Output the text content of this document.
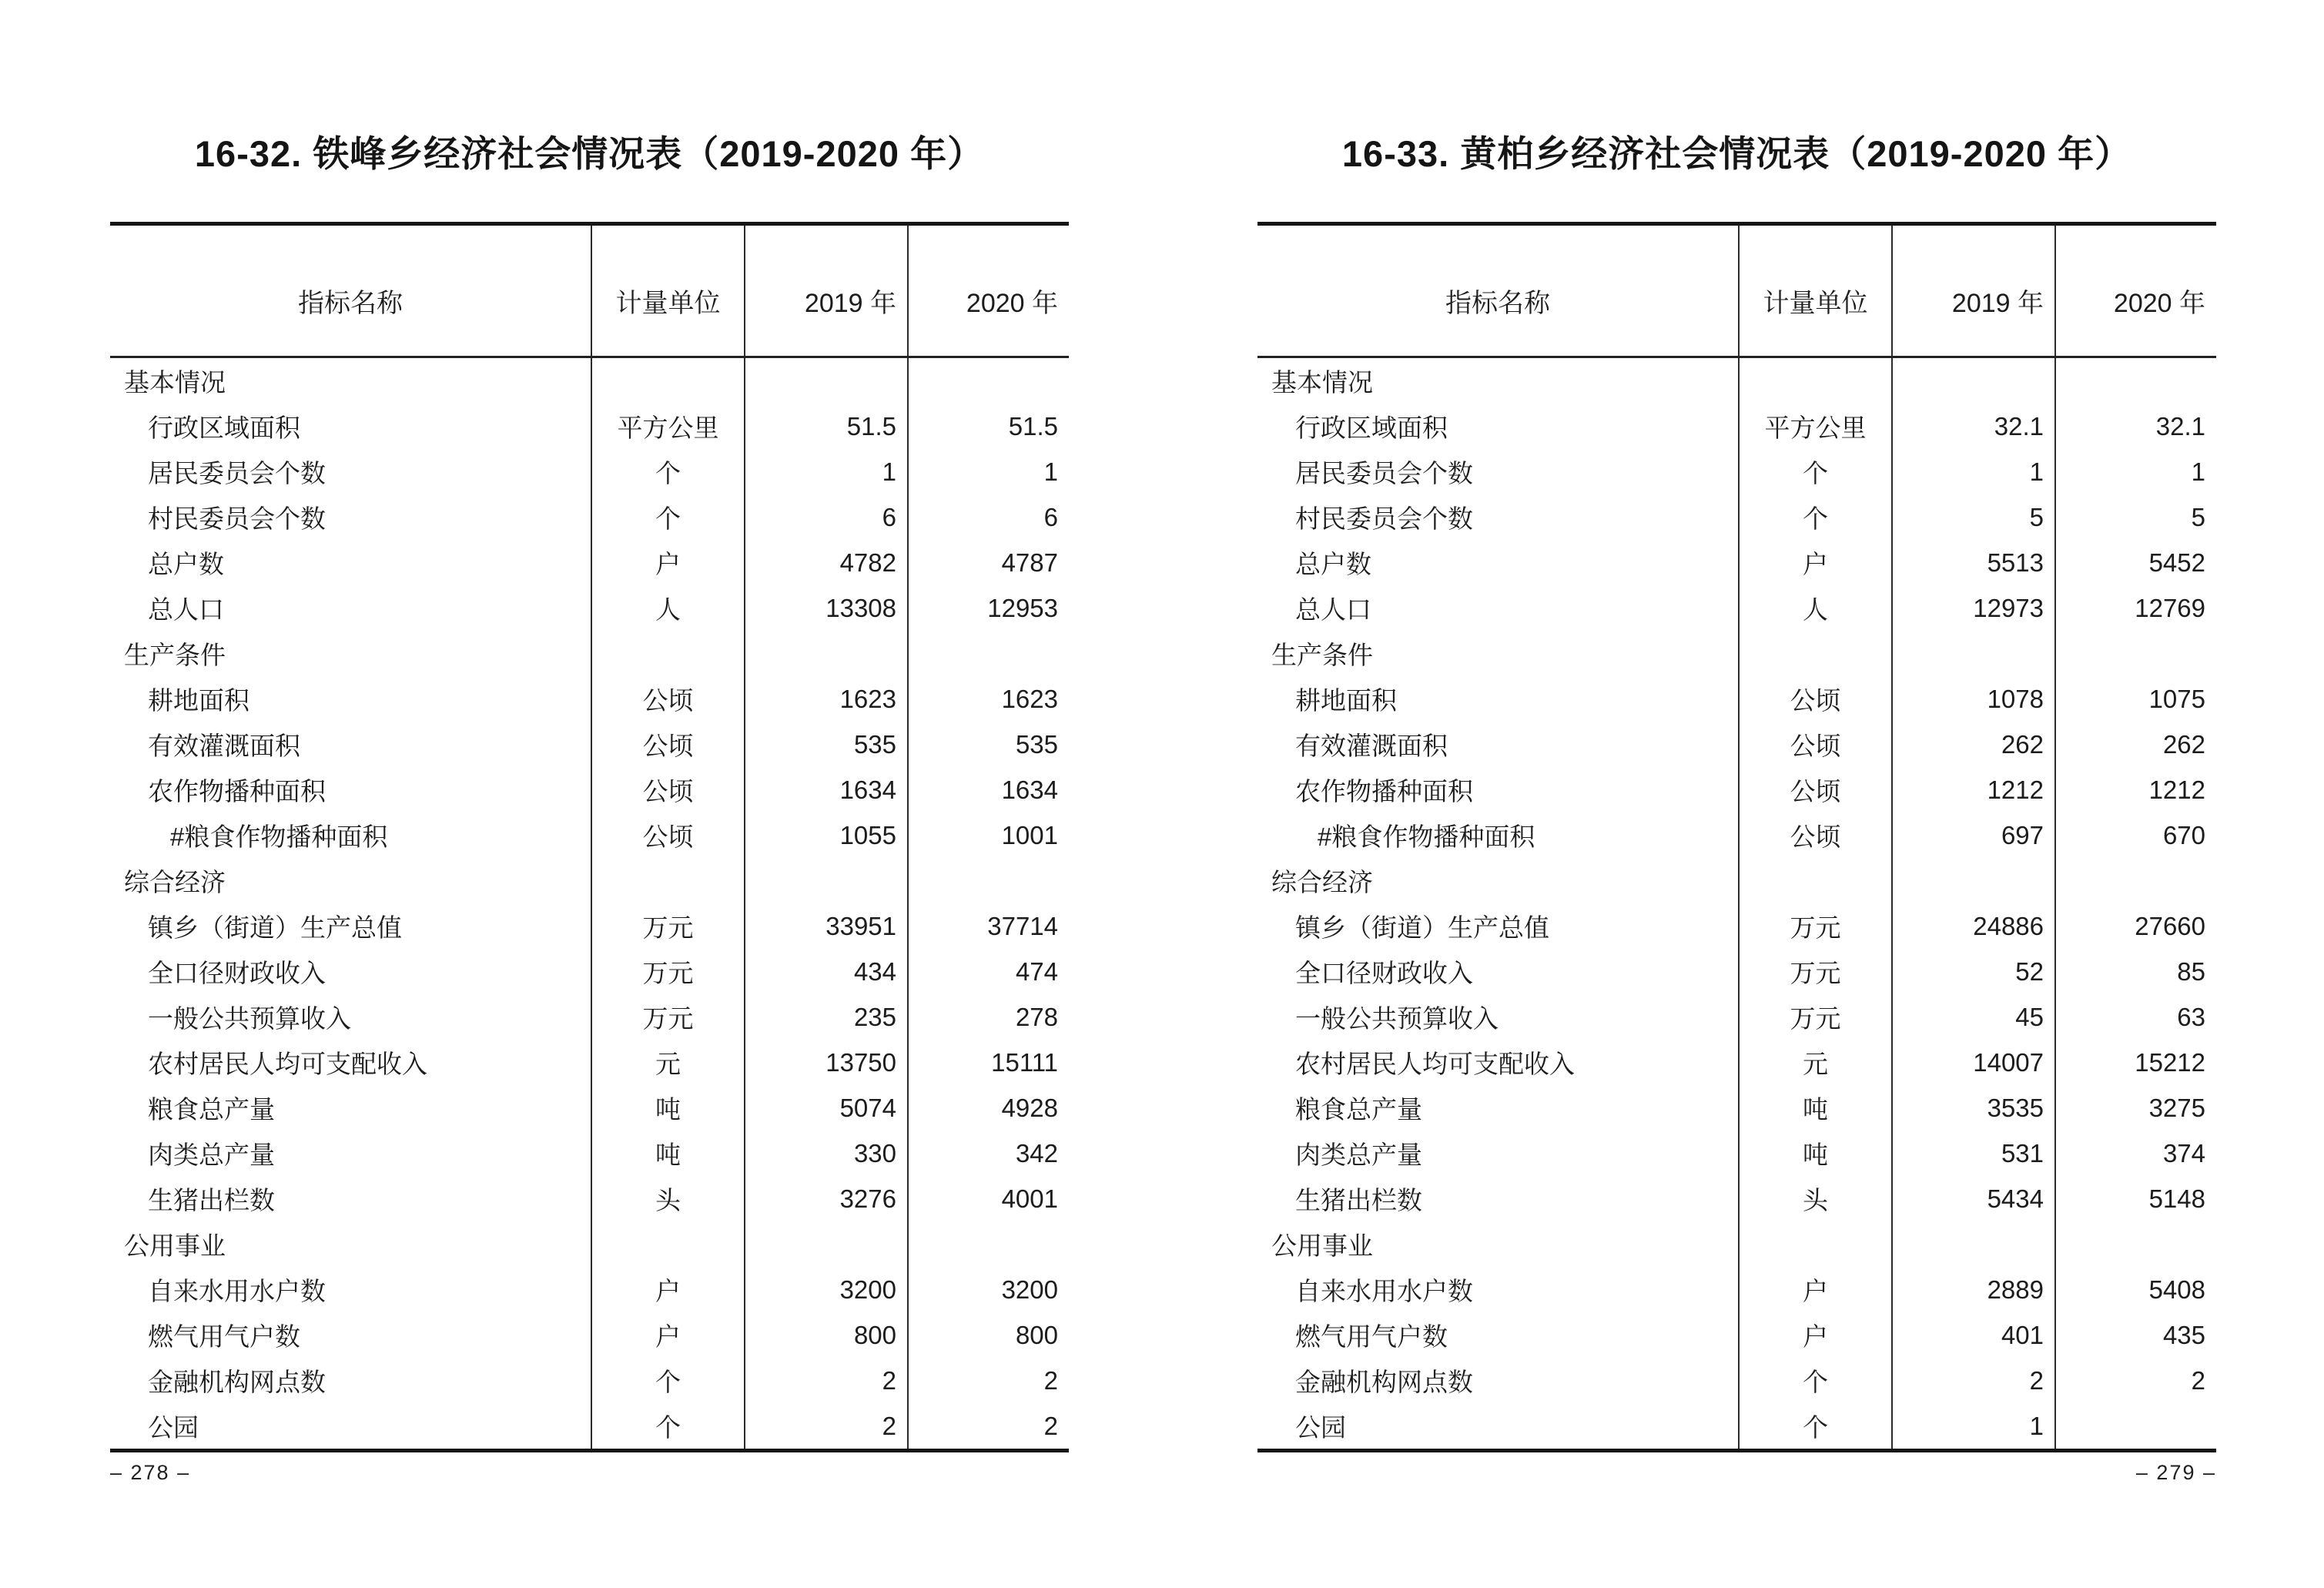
16-32. 铁峰乡经济社会情况表（2019-2020 年）	16-33. 黄柏乡经济社会情况表（2019-2020 年）
指标名称	计量单位	2019 年	2020 年
基本情况
行政区域面积	平方公里	51.5	51.5
居民委员会个数	个	1	1
村民委员会个数	个	6	6
总户数	户	4782	4787
总人口	人	13308	12953
生产条件
耕地面积	公顷	1623	1623
有效灌溉面积	公顷	535	535
农作物播种面积	公顷	1634	1634
#粮食作物播种面积	公顷	1055	1001
综合经济
镇乡（街道）生产总值	万元	33951	37714
全口径财政收入	万元	434	474
一般公共预算收入	万元	235	278
农村居民人均可支配收入	元	13750	15111
粮食总产量	吨	5074	4928
肉类总产量	吨	330	342
生猪出栏数	头	3276	4001
公用事业
自来水用水户数	户	3200	3200
燃气用气户数	户	800	800
金融机构网点数	个	2	2
公园	个	2	2
指标名称	计量单位	2019 年	2020 年
基本情况
行政区域面积	平方公里	32.1	32.1
居民委员会个数	个	1	1
村民委员会个数	个	5	5
总户数	户	5513	5452
总人口	人	12973	12769
生产条件
耕地面积	公顷	1078	1075
有效灌溉面积	公顷	262	262
农作物播种面积	公顷	1212	1212
#粮食作物播种面积	公顷	697	670
综合经济
镇乡（街道）生产总值	万元	24886	27660
全口径财政收入	万元	52	85
一般公共预算收入	万元	45	63
农村居民人均可支配收入	元	14007	15212
粮食总产量	吨	3535	3275
肉类总产量	吨	531	374
生猪出栏数	头	5434	5148
公用事业
自来水用水户数	户	2889	5408
燃气用气户数	户	401	435
金融机构网点数	个	2	2
公园	个	1
– 278 –	– 279 –
